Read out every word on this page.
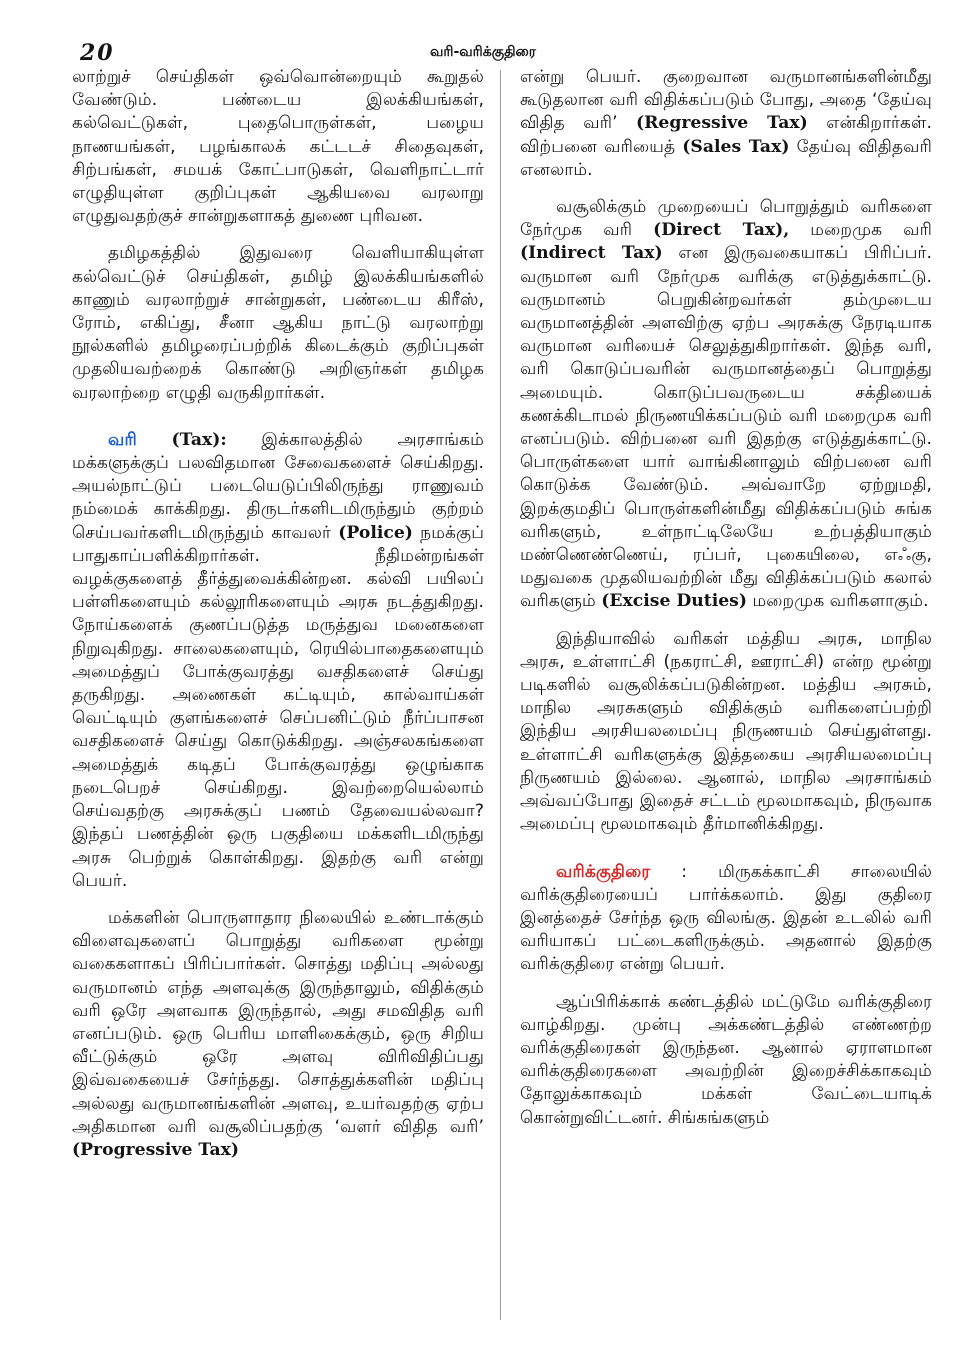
20	வரி-வரிக்குதிரை

லாற்றுச் செய்திகள் ஒவ்வொன்றையும் கூறுதல் வேண்டும். பண்டைய இலக்கியங்கள், கல்வெட்டுகள், புதைபொருள்கள், பழைய நாணயங்கள், பழங்காலக் கட்டடச் சிதைவுகள், சிற்பங்கள், சமயக் கோட்பாடுகள், வெளிநாட்டார் எழுதியுள்ள குறிப்புகள் ஆகியவை வரலாறு எழுதுவதற்குச் சான்றுகளாகத் துணை புரிவன.

தமிழகத்தில் இதுவரை வெளியாகியுள்ள கல்வெட்டுச் செய்திகள், தமிழ் இலக்கியங்களில் காணும் வரலாற்றுச் சான்றுகள், பண்டைய கிரீஸ், ரோம், எகிப்து, சீனா ஆகிய நாட்டு வரலாற்று நூல்களில் தமிழரைப்பற்றிக் கிடைக்கும் குறிப்புகள் முதலியவற்றைக் கொண்டு அறிஞர்கள் தமிழக வரலாற்றை எழுதி வருகிறார்கள்.

வரி (Tax): இக்காலத்தில் அரசாங்கம் மக்களுக்குப் பலவிதமான சேவைகளைச் செய்கிறது. அயல்நாட்டுப் படையெடுப்பிலிருந்து ராணுவம் நம்மைக் காக்கிறது. திருடர்களிடமிருந்தும் குற்றம் செய்பவர்களிடமிருந்தும் காவலர் (Police) நமக்குப் பாதுகாப்பளிக்கிறார்கள். நீதிமன்றங்கள் வழக்குகளைத் தீர்த்துவைக்கின்றன. கல்வி பயிலப் பள்ளிகளையும் கல்லூரிகளையும் அரசு நடத்துகிறது. நோய்களைக் குணப்படுத்த மருத்துவ மனைகளை நிறுவுகிறது. சாலைகளையும், ரெயில்பாதைகளையும் அமைத்துப் போக்குவரத்து வசதிகளைச் செய்து தருகிறது. அணைகள் கட்டியும், கால்வாய்கள் வெட்டியும் குளங்களைச் செப்பனிட்டும் நீர்ப்பாசன வசதிகளைச் செய்து கொடுக்கிறது. அஞ்சலகங்களை அமைத்துக் கடிதப் போக்குவரத்து ஒழுங்காக நடைபெறச் செய்கிறது. இவற்றையெல்லாம் செய்வதற்கு அரசுக்குப் பணம் தேவையல்லவா? இந்தப் பணத்தின் ஒரு பகுதியை மக்களிடமிருந்து அரசு பெற்றுக் கொள்கிறது. இதற்கு வரி என்று பெயர்.

மக்களின் பொருளாதார நிலையில் உண்டாக்கும் விளைவுகளைப் பொறுத்து வரிகளை மூன்று வகைகளாகப் பிரிப்பார்கள். சொத்து மதிப்பு அல்லது வருமானம் எந்த அளவுக்கு இருந்தாலும், விதிக்கும் வரி ஒரே அளவாக இருந்தால், அது சமவிதித வரி எனப்படும். ஒரு பெரிய மாளிகைக்கும், ஒரு சிறிய வீட்டுக்கும் ஒரே அளவு விரிவிதிப்பது இவ்வகையைச் சேர்ந்தது. சொத்துக்களின் மதிப்பு அல்லது வருமானங்களின் அளவு, உயர்வதற்கு ஏற்ப அதிகமான வரி வசூலிப்பதற்கு ‘வளர் விதித வரி’ (Progressive Tax)

என்று பெயர். குறைவான வருமானங்களின்மீது கூடுதலான வரி விதிக்கப்படும் போது, அதை ‘தேய்வு விதித வரி’ (Regressive Tax) என்கிறார்கள். விற்பனை வரியைத் (Sales Tax) தேய்வு விதிதவரி எனலாம்.

வசூலிக்கும் முறையைப் பொறுத்தும் வரிகளை நேர்முக வரி (Direct Tax), மறைமுக வரி (Indirect Tax) என இருவகையாகப் பிரிப்பர். வருமான வரி நேர்முக வரிக்கு எடுத்துக்காட்டு. வருமானம் பெறுகின்றவர்கள் தம்முடைய வருமானத்தின் அளவிற்கு ஏற்ப அரசுக்கு நேரடியாக வருமான வரியைச் செலுத்துகிறார்கள். இந்த வரி, வரி கொடுப்பவரின் வருமானத்தைப் பொறுத்து அமையும். கொடுப்பவருடைய சக்தியைக் கணக்கிடாமல் நிருணயிக்கப்படும் வரி மறைமுக வரி எனப்படும். விற்பனை வரி இதற்கு எடுத்துக்காட்டு. பொருள்களை யார் வாங்கினாலும் விற்பனை வரி கொடுக்க வேண்டும். அவ்வாறே ஏற்றுமதி, இறக்குமதிப் பொருள்களின்மீது விதிக்கப்படும் சுங்க வரிகளும், உள்நாட்டிலேயே உற்பத்தியாகும் மண்ணெண்ணெய், ரப்பர், புகையிலை, எஃகு, மதுவகை முதலியவற்றின் மீது விதிக்கப்படும் கலால் வரிகளும் (Excise Duties) மறைமுக வரிகளாகும்.

இந்தியாவில் வரிகள் மத்திய அரசு, மாநில அரசு, உள்ளாட்சி (நகராட்சி, ஊராட்சி) என்ற மூன்று படிகளில் வசூலிக்கப்படுகின்றன. மத்திய அரசும், மாநில அரசுகளும் விதிக்கும் வரிகளைப்பற்றி இந்திய அரசியலமைப்பு நிருணயம் செய்துள்ளது. உள்ளாட்சி வரிகளுக்கு இத்தகைய அரசியலமைப்பு நிருணயம் இல்லை. ஆனால், மாநில அரசாங்கம் அவ்வப்போது இதைச் சட்டம் மூலமாகவும், நிருவாக அமைப்பு மூலமாகவும் தீர்மானிக்கிறது.

வரிக்குதிரை : மிருகக்காட்சி சாலையில் வரிக்குதிரையைப் பார்க்கலாம். இது குதிரை இனத்தைச் சேர்ந்த ஒரு விலங்கு. இதன் உடலில் வரி வரியாகப் பட்டைகளிருக்கும். அதனால் இதற்கு வரிக்குதிரை என்று பெயர்.

ஆப்பிரிக்காக் கண்டத்தில் மட்டுமே வரிக்குதிரை வாழ்கிறது. முன்பு அக்கண்டத்தில் எண்ணற்ற வரிக்குதிரைகள் இருந்தன. ஆனால் ஏராளமான வரிக்குதிரைகளை அவற்றின் இறைச்சிக்காகவும் தோலுக்காகவும் மக்கள் வேட்டையாடிக் கொன்றுவிட்டனர். சிங்கங்களும்
